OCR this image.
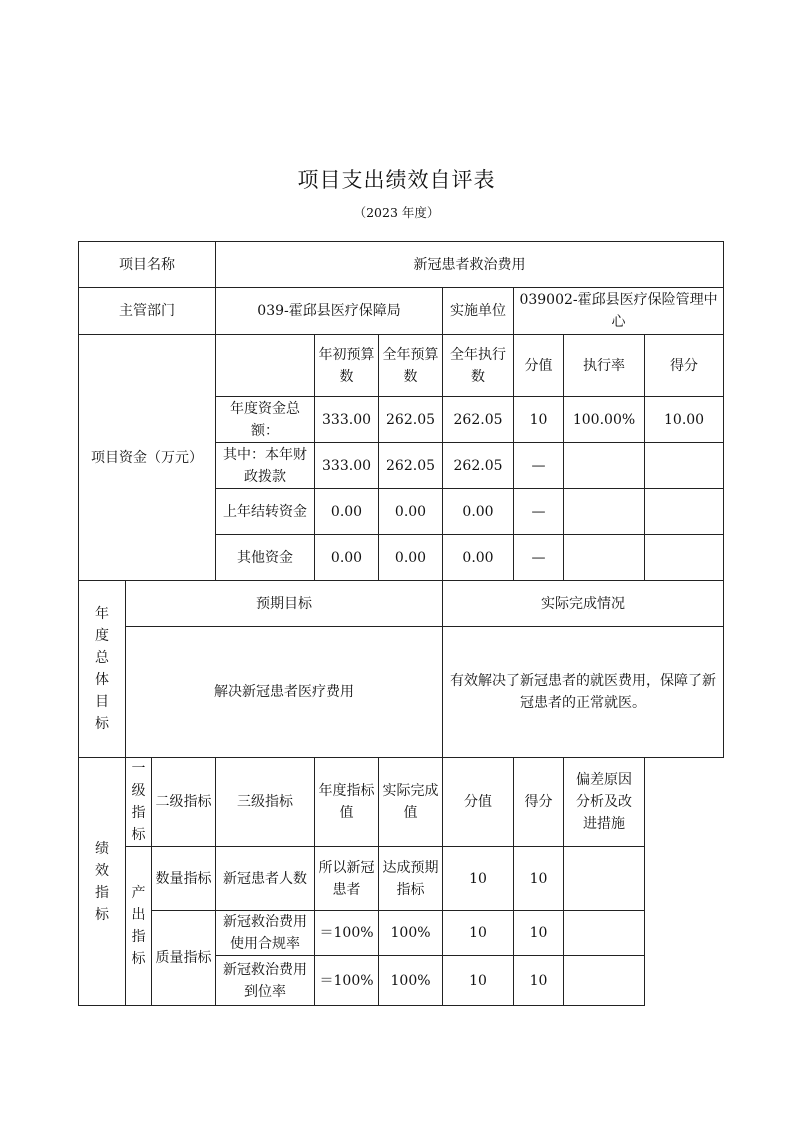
项目支出绩效自评表
（2023 年度）
项目名称			新冠患者救治费用						
主管部门			039-霍邱县医疗保障局			实施单位	039002-霍邱县医疗保险管理中心		
项目资金（万元）				年初预算数	全年预算数	全年执行数	分值	执行率	得分
			年度资金总额：	333.00	262.05	262.05	10	100.00%	10.00
			其中：本年财政拨款	333.00	262.05	262.05	—		
			上年结转资金	0.00	0.00	0.00	—		
			其他资金	0.00	0.00	0.00	—		
年度总体目标	预期目标					实际完成情况			
	解决新冠患者医疗费用					有效解决了新冠患者的就医费用，保障了新冠患者的正常就医。			
绩效指标	一级指标	二级指标	三级指标	年度指标值	实际完成值	分值	得分	偏差原因分析及改进措施	
	产出指标	数量指标	新冠患者人数	所以新冠患者	达成预期指标	10	10		
		质量指标	新冠救治费用使用合规率	＝100%	100%	10	10		
			新冠救治费用到位率	＝100%	100%	10	10		
